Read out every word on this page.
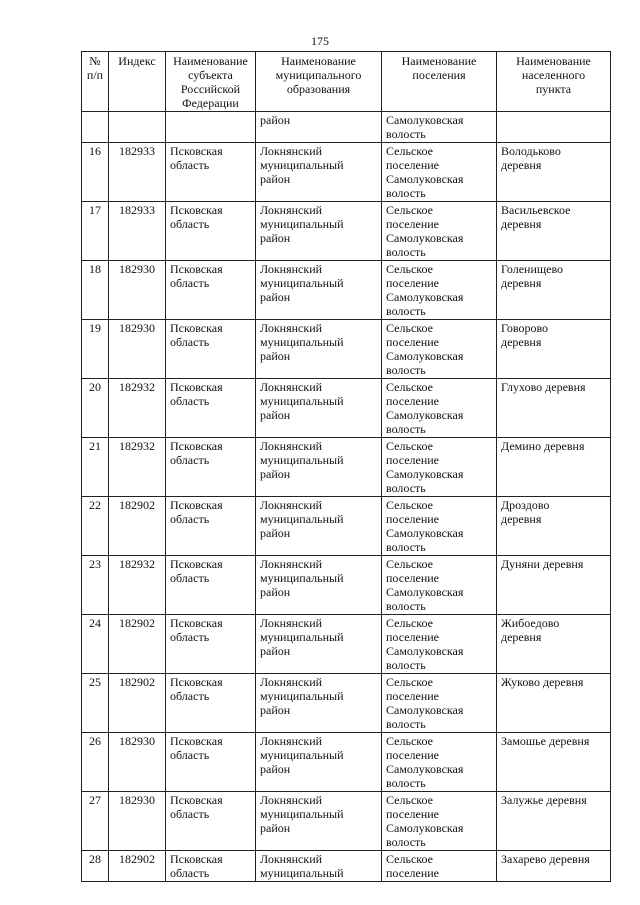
175
№
п/п	Индекс	Наименование
субъекта
Российской
Федерации	Наименование
муниципального
образования	Наименование
поселения	Наименование
населенного
пункта

			район	Самолуковская
волость	

16	182933	Псковская
область	Локнянский
муниципальный
район	Сельское
поселение
Самолуковская
волость	Володьково
деревня

17	182933	Псковская
область	Локнянский
муниципальный
район	Сельское
поселение
Самолуковская
волость	Васильевское
деревня

18	182930	Псковская
область	Локнянский
муниципальный
район	Сельское
поселение
Самолуковская
волость	Голенищево
деревня

19	182930	Псковская
область	Локнянский
муниципальный
район	Сельское
поселение
Самолуковская
волость	Говорово
деревня

20	182932	Псковская
область	Локнянский
муниципальный
район	Сельское
поселение
Самолуковская
волость	Глухово деревня

21	182932	Псковская
область	Локнянский
муниципальный
район	Сельское
поселение
Самолуковская
волость	Демино деревня

22	182902	Псковская
область	Локнянский
муниципальный
район	Сельское
поселение
Самолуковская
волость	Дроздово
деревня

23	182932	Псковская
область	Локнянский
муниципальный
район	Сельское
поселение
Самолуковская
волость	Дуняни деревня

24	182902	Псковская
область	Локнянский
муниципальный
район	Сельское
поселение
Самолуковская
волость	Жибоедово
деревня

25	182902	Псковская
область	Локнянский
муниципальный
район	Сельское
поселение
Самолуковская
волость	Жуково деревня

26	182930	Псковская
область	Локнянский
муниципальный
район	Сельское
поселение
Самолуковская
волость	Замошье деревня

27	182930	Псковская
область	Локнянский
муниципальный
район	Сельское
поселение
Самолуковская
волость	Залужье деревня

28	182902	Псковская
область	Локнянский
муниципальный	Сельское
поселение	Захарево деревня
